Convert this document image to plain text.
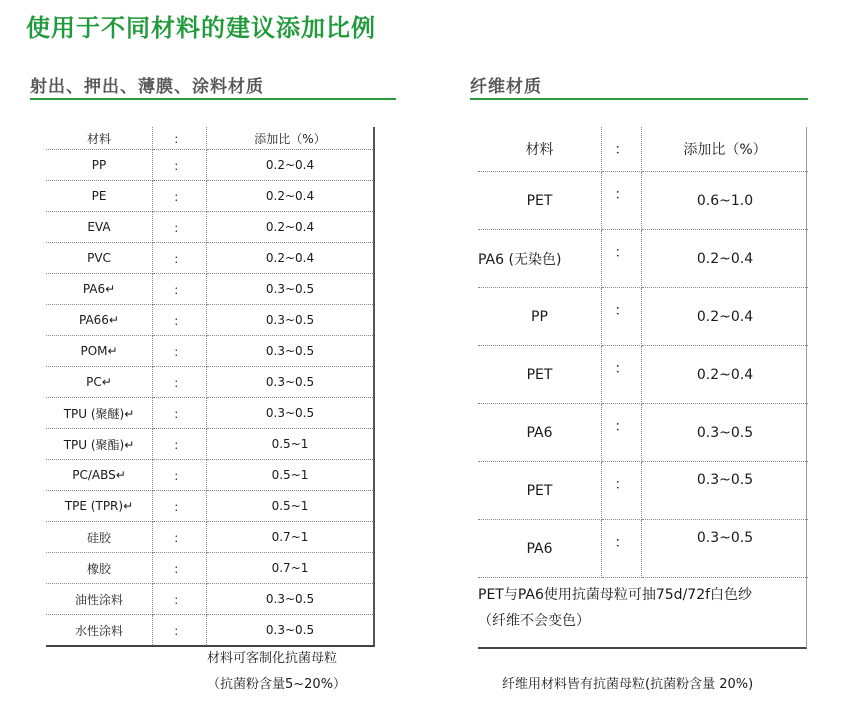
使用于不同材料的建议添加比例
射出、押出、薄膜、涂料材质	纤维材质
材料	：	添加比（%）
PP	：	0.2~0.4
PE	：	0.2~0.4
EVA	：	0.2~0.4
PVC	：	0.2~0.4
PA6↵	：	0.3~0.5
PA66↵	：	0.3~0.5
POM↵	：	0.3~0.5
PC↵	：	0.3~0.5
TPU (聚醚)↵	：	0.3~0.5
TPU (聚酯)↵	：	0.5~1
PC/ABS↵	：	0.5~1
TPE (TPR)↵	：	0.5~1
硅胶	：	0.7~1
橡胶	：	0.7~1
油性涂料	：	0.3~0.5
水性涂料	：	0.3~0.5
材料可客制化抗菌母粒
（抗菌粉含量5~20%）
材料	：	添加比（%）
PET	：	0.6~1.0
PA6 (无染色)	：	0.2~0.4
PP	：	0.2~0.4
PET	：	0.2~0.4
PA6	：	0.3~0.5
PET	：	0.3~0.5
PA6	：	0.3~0.5
PET与PA6使用抗菌母粒可抽75d/72f白色纱
（纤维不会变色）
纤维用材料皆有抗菌母粒(抗菌粉含量 20%)
